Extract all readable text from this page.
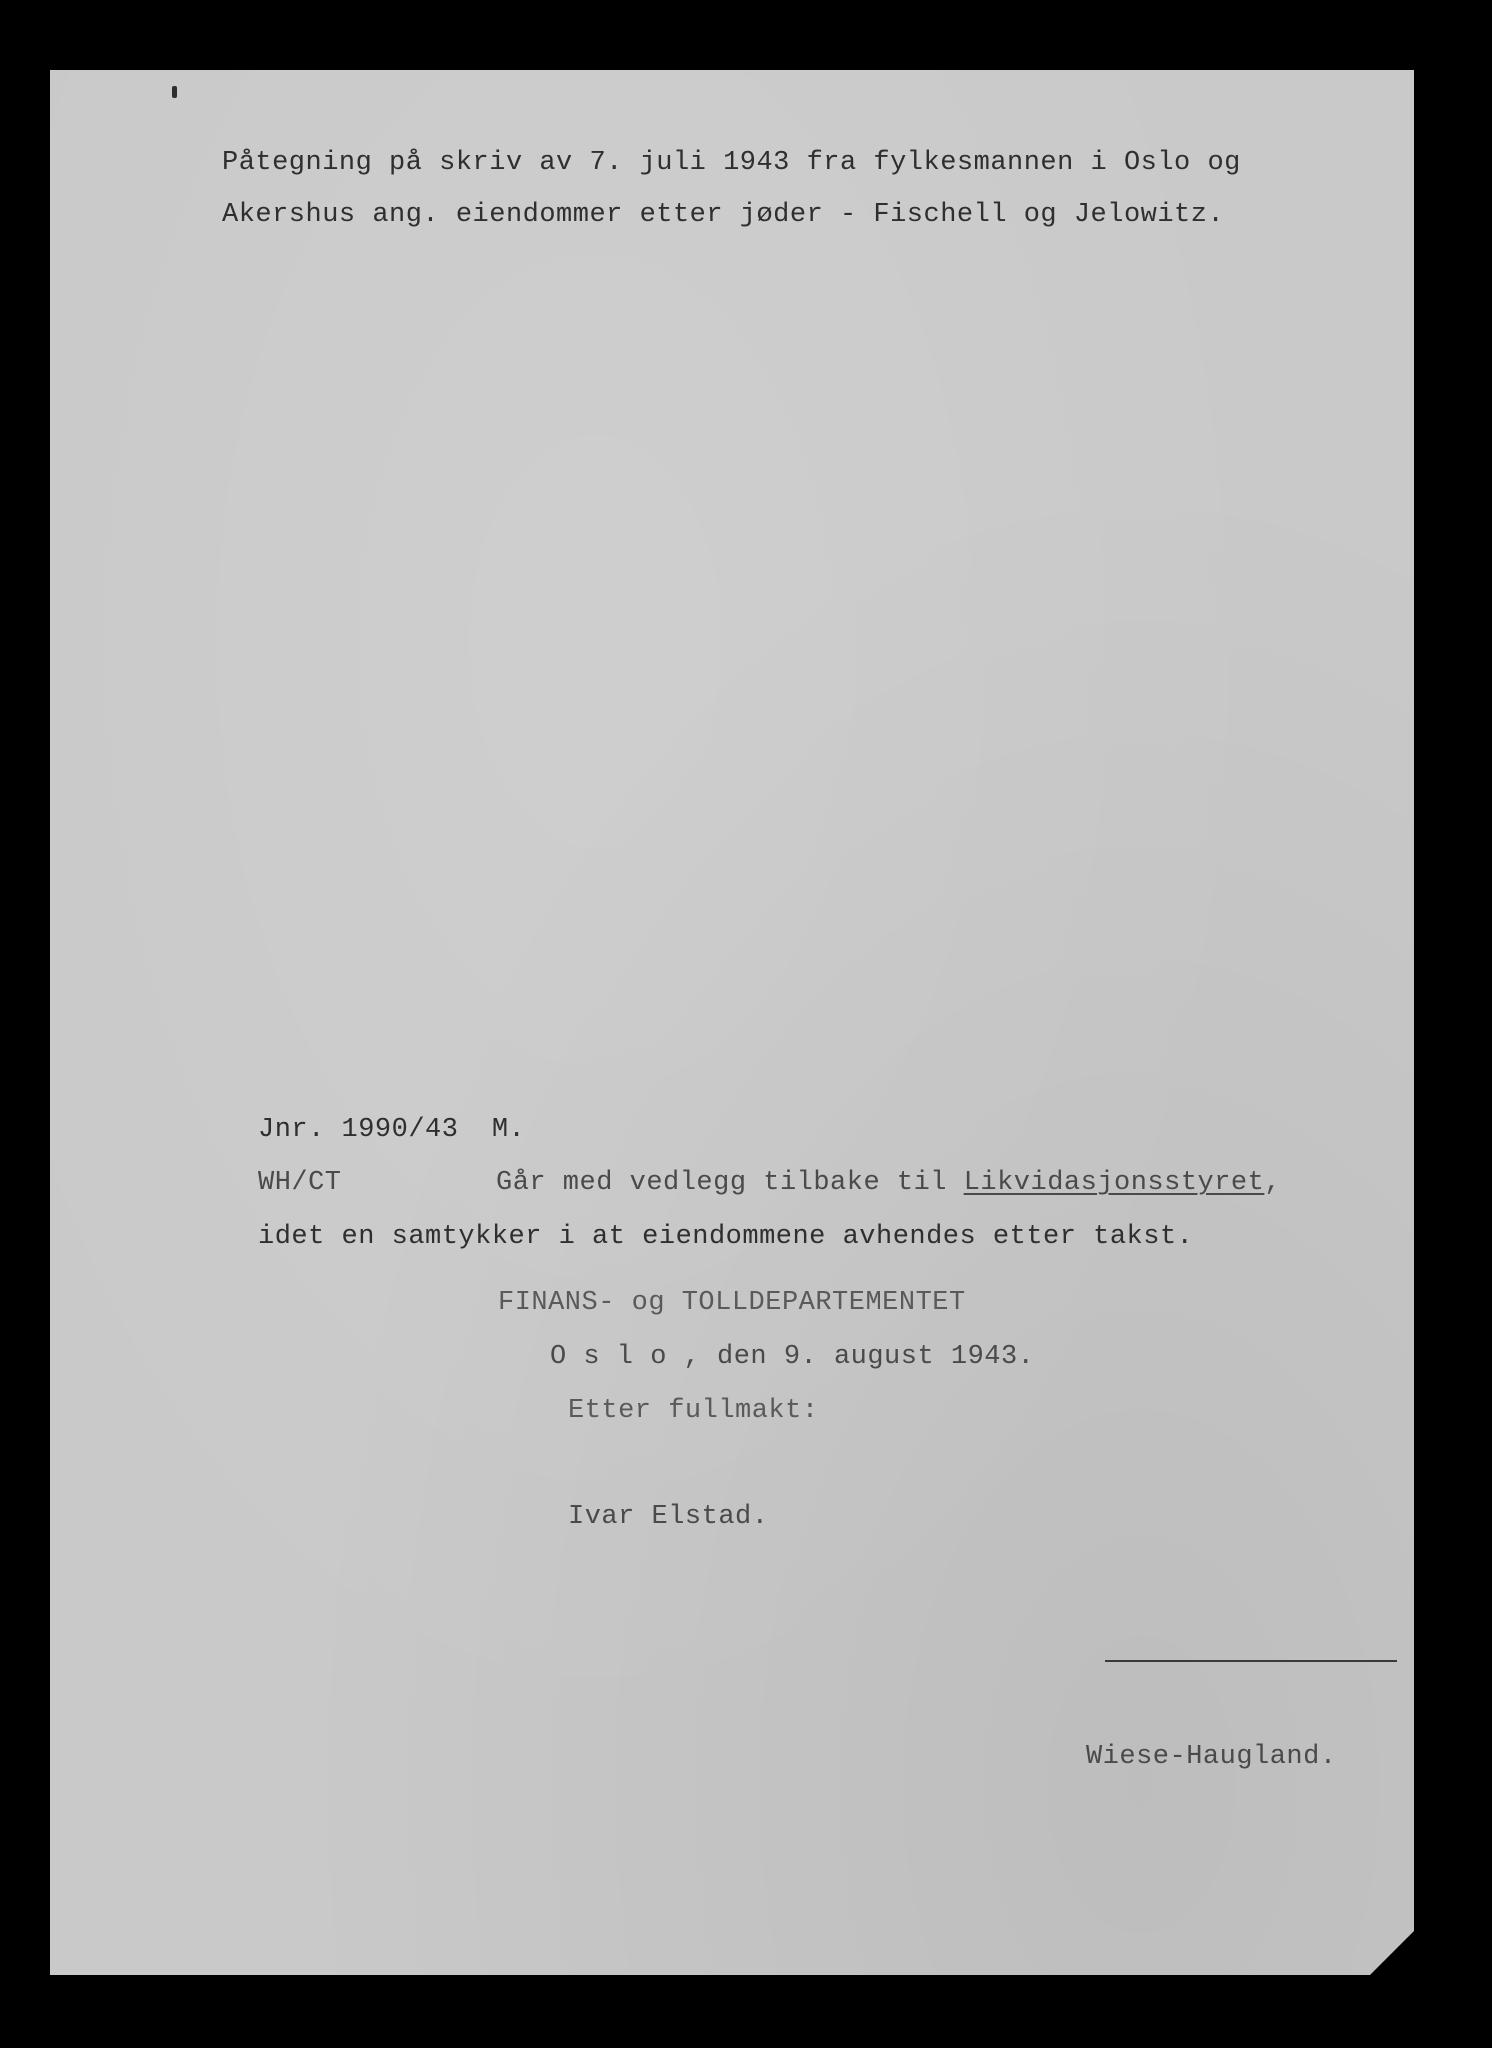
Påtegning på skriv av 7. juli 1943 fra fylkesmannen i Oslo og
Akershus ang. eiendommer etter jøder - Fischell og Jelowitz.
Jnr. 1990/43  M.
WH/CT	Går med vedlegg tilbake til Likvidasjonsstyret,
idet en samtykker i at eiendommene avhendes etter takst.
FINANS- og TOLLDEPARTEMENTET
O s l o , den 9. august 1943.
Etter fullmakt:
Ivar Elstad.
Wiese-Haugland.
